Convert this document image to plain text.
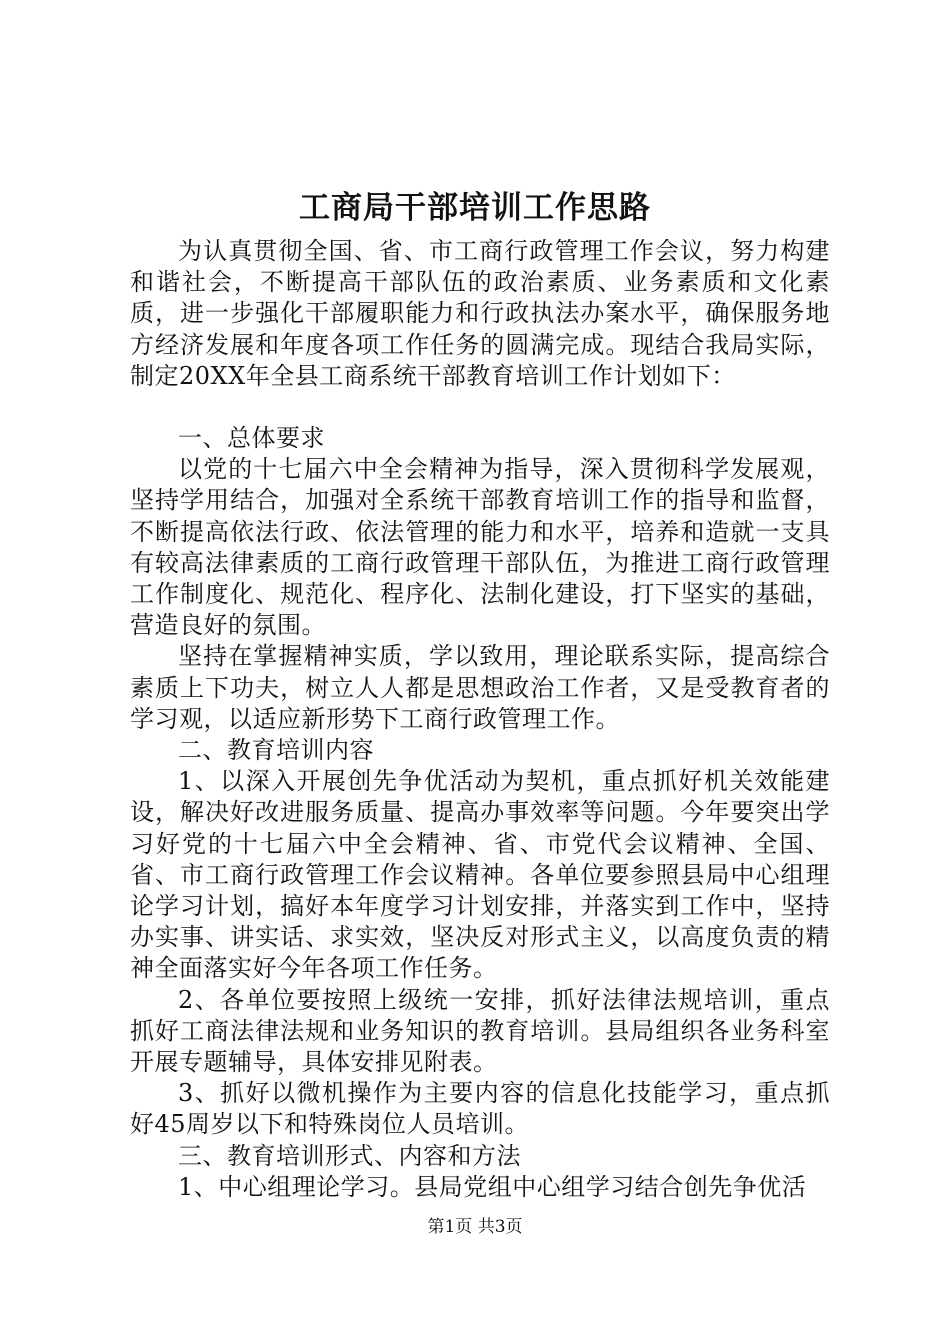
工商局干部培训工作思路

为认真贯彻全国、省、市工商行政管理工作会议，努力构建和谐社会，不断提高干部队伍的政治素质、业务素质和文化素质，进一步强化干部履职能力和行政执法办案水平，确保服务地方经济发展和年度各项工作任务的圆满完成。现结合我局实际，制定20XX年全县工商系统干部教育培训工作计划如下：

一、总体要求

以党的十七届六中全会精神为指导，深入贯彻科学发展观，坚持学用结合，加强对全系统干部教育培训工作的指导和监督，不断提高依法行政、依法管理的能力和水平，培养和造就一支具有较高法律素质的工商行政管理干部队伍，为推进工商行政管理工作制度化、规范化、程序化、法制化建设，打下坚实的基础，营造良好的氛围。

坚持在掌握精神实质，学以致用，理论联系实际，提高综合素质上下功夫，树立人人都是思想政治工作者，又是受教育者的学习观，以适应新形势下工商行政管理工作。

二、教育培训内容

1、以深入开展创先争优活动为契机，重点抓好机关效能建设，解决好改进服务质量、提高办事效率等问题。今年要突出学习好党的十七届六中全会精神、省、市党代会议精神、全国、省、市工商行政管理工作会议精神。各单位要参照县局中心组理论学习计划，搞好本年度学习计划安排，并落实到工作中，坚持办实事、讲实话、求实效，坚决反对形式主义，以高度负责的精神全面落实好今年各项工作任务。

2、各单位要按照上级统一安排，抓好法律法规培训，重点抓好工商法律法规和业务知识的教育培训。县局组织各业务科室开展专题辅导，具体安排见附表。

3、抓好以微机操作为主要内容的信息化技能学习，重点抓好45周岁以下和特殊岗位人员培训。

三、教育培训形式、内容和方法

1、中心组理论学习。县局党组中心组学习结合创先争优活

第1页 共3页
